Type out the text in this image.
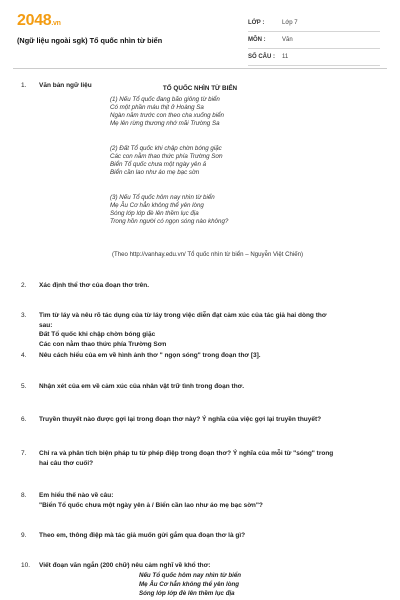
2048.vn
(Ngữ liệu ngoài sgk) Tổ quốc nhìn từ biển
LỚP :	Lớp 7
MÔN :	Văn
SỐ CÂU :	11
1.	Văn bản ngữ liệu	TỔ QUỐC NHÌN TỪ BIỂN
(1) Nếu Tổ quốc đang bão giông từ biển
Có một phần máu thịt ở Hoàng Sa
Ngàn năm trước con theo cha xuống biển
Mẹ lên rừng thương nhớ mãi Trường Sa
(2) Đất Tổ quốc khi chập chờn bóng giặc
Các con nằm thao thức phía Trường Sơn
Biển Tổ quốc chưa một ngày yên ả
Biển cần lao như áo mẹ bạc sờn
(3) Nếu Tổ quốc hôm nay nhìn từ biển
Mẹ Âu Cơ hẳn không thể yên lòng
Sóng lớp lớp đè lên thềm lục địa
Trong hồn người có ngọn sóng nào không?
(Theo http://vanhay.edu.vn/ Tổ quốc nhìn từ biển – Nguyễn Việt Chiến)
2.	Xác định thể thơ của đoạn thơ trên.
3.	Tìm từ láy và nêu rõ tác dụng của từ láy trong việc diễn đạt cảm xúc của tác giả hai dòng thơ
sau:
Đất Tổ quốc khi chập chờn bóng giặc
Các con nằm thao thức phía Trường Sơn
4.	Nêu cách hiểu của em về hình ảnh thơ " ngọn sóng" trong đoạn thơ [3].
5.	Nhận xét của em về cảm xúc của nhân vật trữ tình trong đoạn thơ.
6.	Truyền thuyết nào được gợi lại trong đoạn thơ này? Ý nghĩa của việc gợi lại truyền thuyết?
7.	Chỉ ra và phân tích biện pháp tu từ phép điệp trong đoạn thơ? Ý nghĩa của mỗi từ "sóng" trong
hai câu thơ cuối?
8.	Em hiểu thế nào về câu:
"Biển Tổ quốc chưa một ngày yên ả / Biển cần lao như áo mẹ bạc sờn"?
9.	Theo em, thông điệp mà tác giả muốn gửi gắm qua đoạn thơ là gì?
10.	Viết đoạn văn ngắn (200 chữ) nêu cảm nghĩ về khổ thơ:
Nếu Tổ quốc hôm nay nhìn từ biển
Mẹ Âu Cơ hẳn không thể yên lòng
Sóng lớp lớp đè lên thềm lục địa
